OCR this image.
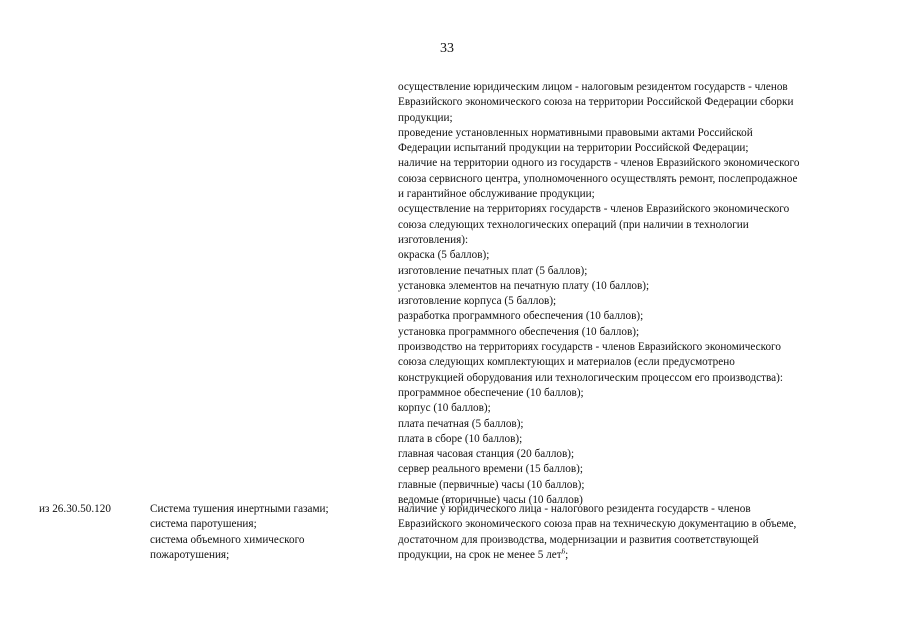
33
осуществление юридическим лицом - налоговым резидентом государств - членов
Евразийского экономического союза на территории Российской Федерации сборки
продукции;
проведение установленных нормативными правовыми актами Российской
Федерации испытаний продукции на территории Российской Федерации;
наличие на территории одного из государств - членов Евразийского экономического
союза сервисного центра, уполномоченного осуществлять ремонт, послепродажное
и гарантийное обслуживание продукции;
осуществление на территориях государств - членов Евразийского экономического
союза следующих технологических операций (при наличии в технологии
изготовления):
окраска (5 баллов);
изготовление печатных плат (5 баллов);
установка элементов на печатную плату (10 баллов);
изготовление корпуса (5 баллов);
разработка программного обеспечения (10 баллов);
установка программного обеспечения (10 баллов);
производство на территориях государств - членов Евразийского экономического
союза следующих комплектующих и материалов (если предусмотрено
конструкцией оборудования или технологическим процессом его производства):
программное обеспечение (10 баллов);
корпус (10 баллов);
плата печатная (5 баллов);
плата в сборе (10 баллов);
главная часовая станция (20 баллов);
сервер реального времени (15 баллов);
главные (первичные) часы (10 баллов);
ведомые (вторичные) часы (10 баллов)
из 26.30.50.120	Система тушения инертными газами;
система паротушения;
система объемного химического
пожаротушения;
наличие у юридического лица - налогового резидента государств - членов
Евразийского экономического союза прав на техническую документацию в объеме,
достаточном для производства, модернизации и развития соответствующей
продукции, на срок не менее 5 лет$^6$;
